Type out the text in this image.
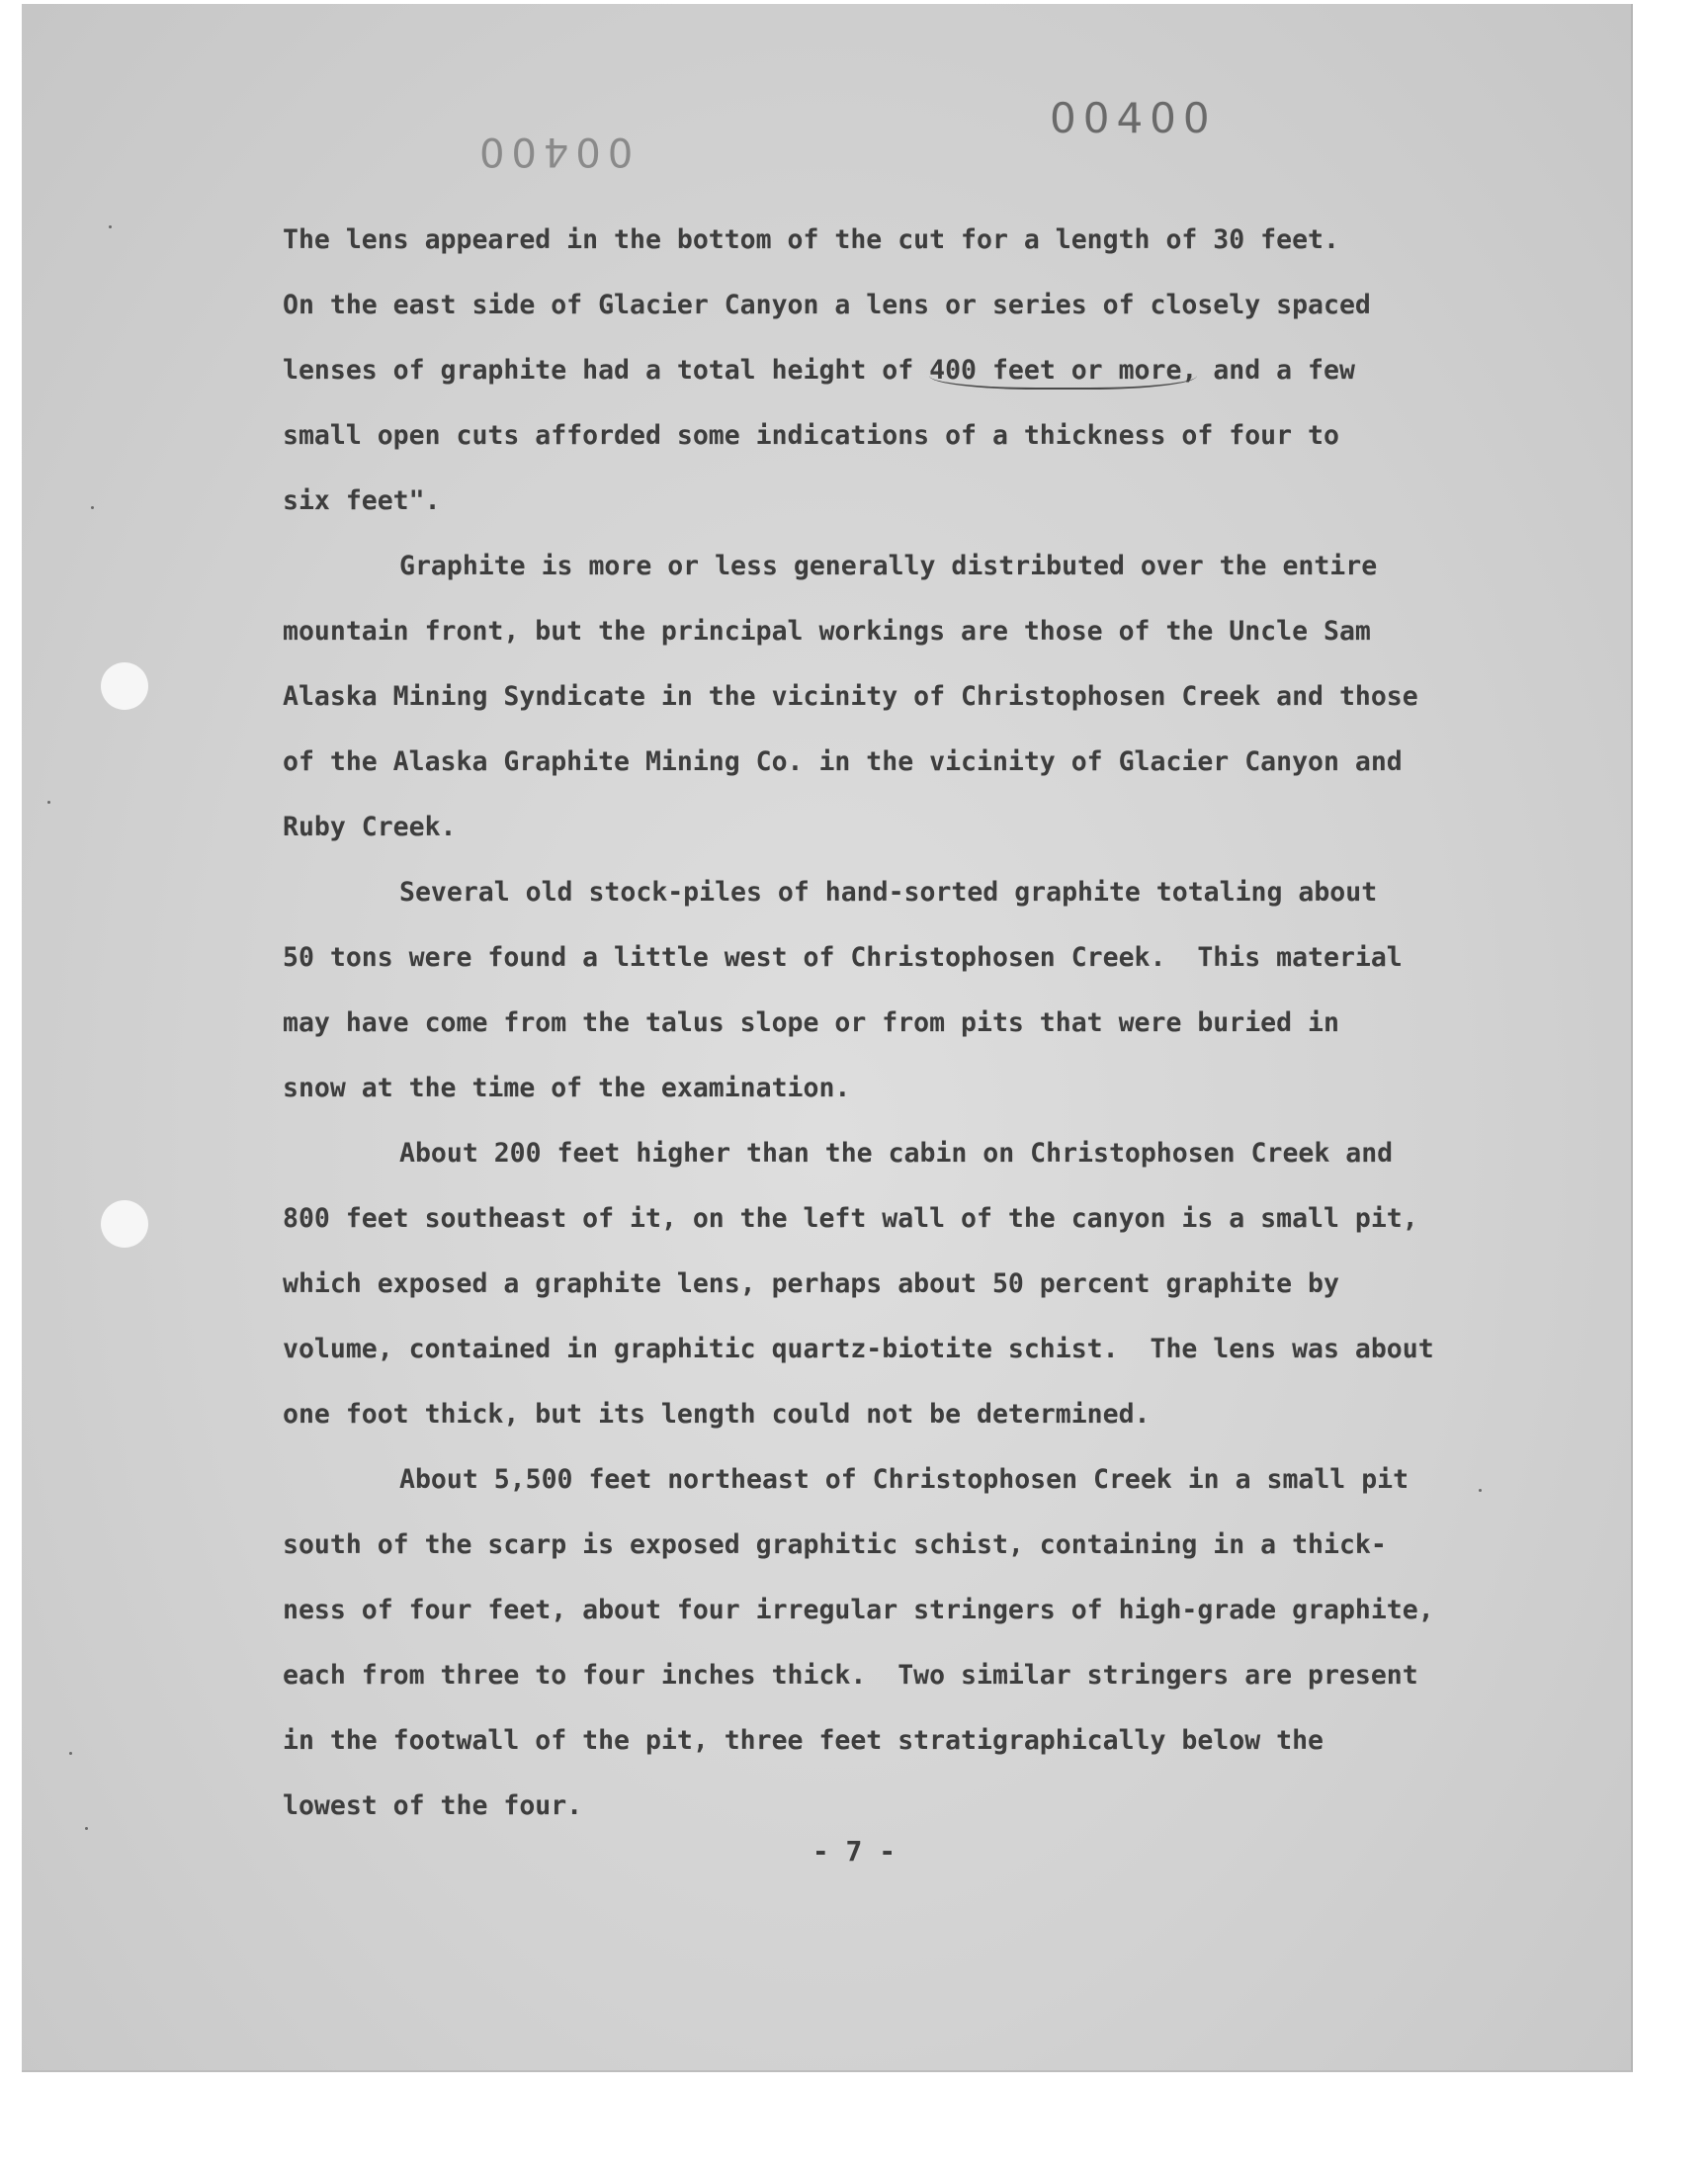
00400
00400
The lens appeared in the bottom of the cut for a length of 30 feet.
On the east side of Glacier Canyon a lens or series of closely spaced
lenses of graphite had a total height of 400 feet or more, and a few
small open cuts afforded some indications of a thickness of four to
six feet".
Graphite is more or less generally distributed over the entire
mountain front, but the principal workings are those of the Uncle Sam
Alaska Mining Syndicate in the vicinity of Christophosen Creek and those
of the Alaska Graphite Mining Co. in the vicinity of Glacier Canyon and
Ruby Creek.
Several old stock-piles of hand-sorted graphite totaling about
50 tons were found a little west of Christophosen Creek.  This material
may have come from the talus slope or from pits that were buried in
snow at the time of the examination.
About 200 feet higher than the cabin on Christophosen Creek and
800 feet southeast of it, on the left wall of the canyon is a small pit,
which exposed a graphite lens, perhaps about 50 percent graphite by
volume, contained in graphitic quartz-biotite schist.  The lens was about
one foot thick, but its length could not be determined.
About 5,500 feet northeast of Christophosen Creek in a small pit
south of the scarp is exposed graphitic schist, containing in a thick-
ness of four feet, about four irregular stringers of high-grade graphite,
each from three to four inches thick.  Two similar stringers are present
in the footwall of the pit, three feet stratigraphically below the
lowest of the four.
- 7 -
